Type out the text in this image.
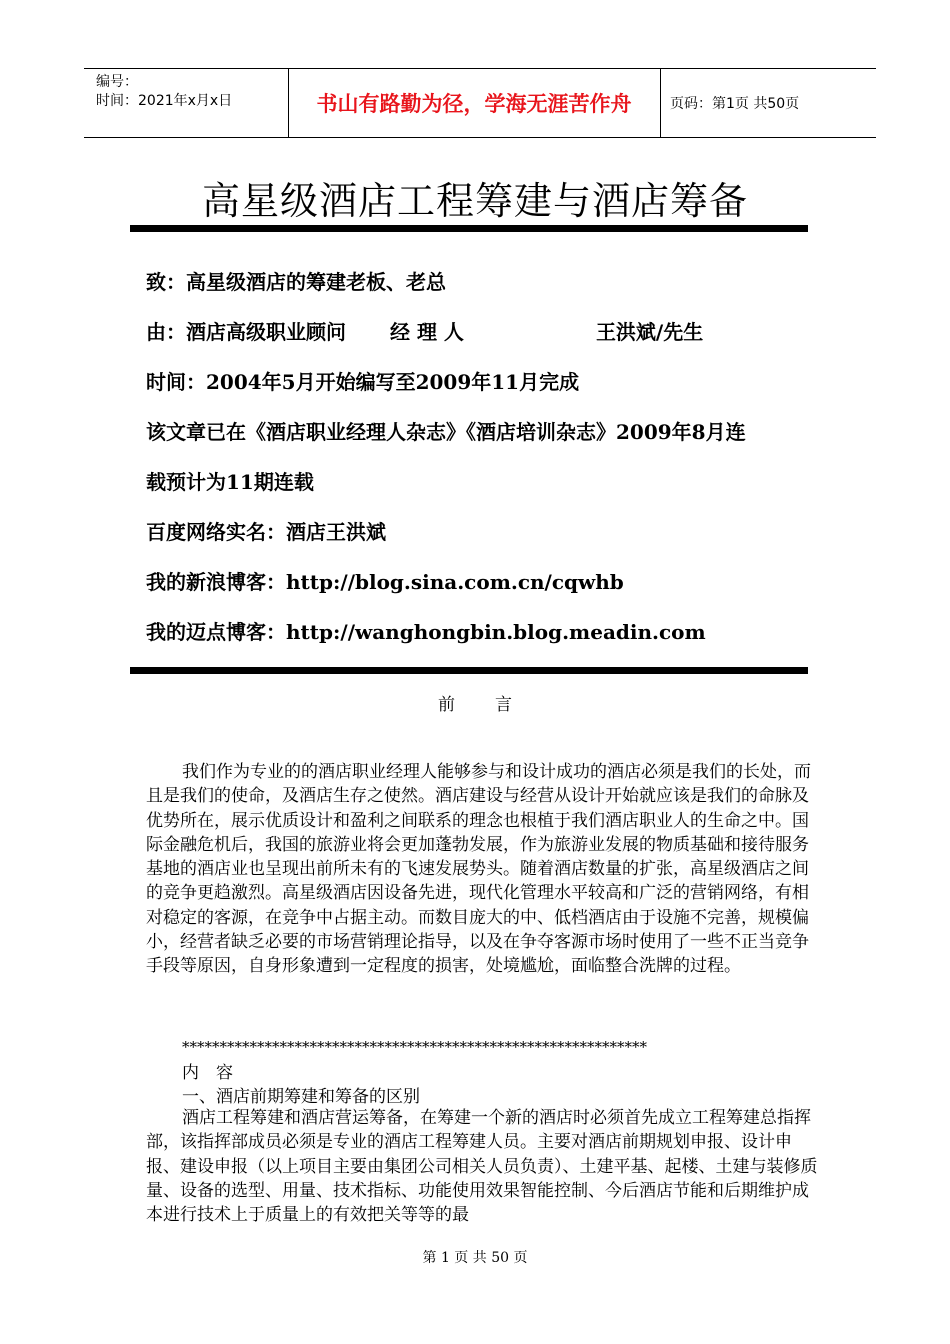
编号：
时间：2021年x月x日	书山有路勤为径，学海无涯苦作舟	页码：第1页 共50页
高星级酒店工程筹建与酒店筹备
致：高星级酒店的筹建老板、老总
由：酒店高级职业顾问 经 理 人	王洪斌/先生
时间：2004年5月开始编写至2009年11月完成
该文章已在《酒店职业经理人杂志》《酒店培训杂志》2009年8月连
载预计为11期连载
百度网络实名：酒店王洪斌
我的新浪博客：http://blog.sina.com.cn/cqwhb
我的迈点博客：http://wanghongbin.blog.meadin.com
前言

我们作为专业的的酒店职业经理人能够参与和设计成功的酒店必须是我们的长处，而且是我们的使命，及酒店生存之使然。酒店建设与经营从设计开始就应该是我们的命脉及优势所在，展示优质设计和盈利之间联系的理念也根植于我们酒店职业人的生命之中。国际金融危机后，我国的旅游业将会更加蓬勃发展，作为旅游业发展的物质基础和接待服务基地的酒店业也呈现出前所未有的飞速发展势头。随着酒店数量的扩张，高星级酒店之间的竞争更趋激烈。高星级酒店因设备先进，现代化管理水平较高和广泛的营销网络，有相对稳定的客源，在竞争中占据主动。而数目庞大的中、低档酒店由于设施不完善，规模偏小，经营者缺乏必要的市场营销理论指导，以及在争夺客源市场时使用了一些不正当竞争手段等原因，自身形象遭到一定程度的损害，处境尴尬，面临整合洗牌的过程。

**************************************************************
内　容
一、酒店前期筹建和筹备的区别

酒店工程筹建和酒店营运筹备，在筹建一个新的酒店时必须首先成立工程筹建总指挥部，该指挥部成员必须是专业的酒店工程筹建人员。主要对酒店前期规划申报、设计申报、建设申报（以上项目主要由集团公司相关人员负责）、土建平基、起楼、土建与装修质量、设备的选型、用量、技术指标、功能使用效果智能控制、今后酒店节能和后期维护成本进行技术上于质量上的有效把关等等的最

第 1 页 共 50 页
